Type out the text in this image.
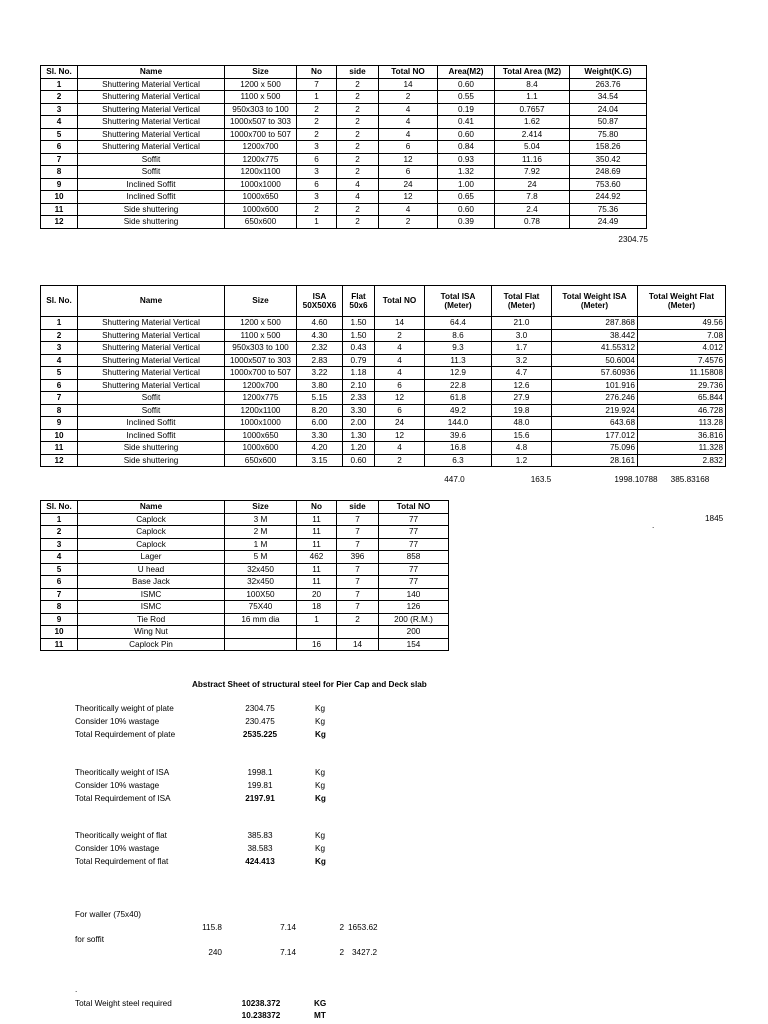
Sl. No.	Name	Size	No	side	Total NO	Area(M2)	Total Area (M2)	Weight(K.G)
1	Shuttering Material Vertical	1200 x 500	7	2	14	0.60	8.4	263.76
2	Shuttering Material Vertical	1100 x 500	1	2	2	0.55	1.1	34.54
3	Shuttering Material Vertical	950x303 to 100	2	2	4	0.19	0.7657	24.04
4	Shuttering Material Vertical	1000x507 to 303	2	2	4	0.41	1.62	50.87
5	Shuttering Material Vertical	1000x700 to 507	2	2	4	0.60	2.414	75.80
6	Shuttering Material Vertical	1200x700	3	2	6	0.84	5.04	158.26
7	Soffit	1200x775	6	2	12	0.93	11.16	350.42
8	Soffit	1200x1100	3	2	6	1.32	7.92	248.69
9	Inclined Soffit	1000x1000	6	4	24	1.00	24	753.60
10	Inclined Soffit	1000x650	3	4	12	0.65	7.8	244.92
11	Side shuttering	1000x600	2	2	4	0.60	2.4	75.36
12	Side shuttering	650x600	1	2	2	0.39	0.78	24.49
2304.75
Sl. No.	Name	Size	ISA 50X50X6	Flat 50x6	Total NO	Total ISA (Meter)	Total Flat (Meter)	Total Weight ISA (Meter)	Total Weight Flat (Meter)
1	Shuttering Material Vertical	1200 x 500	4.60	1.50	14	64.4	21.0	287.868	49.56
2	Shuttering Material Vertical	1100 x 500	4.30	1.50	2	8.6	3.0	38.442	7.08
3	Shuttering Material Vertical	950x303 to 100	2.32	0.43	4	9.3	1.7	41.55312	4.012
4	Shuttering Material Vertical	1000x507 to 303	2.83	0.79	4	11.3	3.2	50.6004	7.4576
5	Shuttering Material Vertical	1000x700 to 507	3.22	1.18	4	12.9	4.7	57.60936	11.15808
6	Shuttering Material Vertical	1200x700	3.80	2.10	6	22.8	12.6	101.916	29.736
7	Soffit	1200x775	5.15	2.33	12	61.8	27.9	276.246	65.844
8	Soffit	1200x1100	8.20	3.30	6	49.2	19.8	219.924	46.728
9	Inclined Soffit	1000x1000	6.00	2.00	24	144.0	48.0	643.68	113.28
10	Inclined Soffit	1000x650	3.30	1.30	12	39.6	15.6	177.012	36.816
11	Side shuttering	1000x600	4.20	1.20	4	16.8	4.8	75.096	11.328
12	Side shuttering	650x600	3.15	0.60	2	6.3	1.2	28.161	2.832
447.0	163.5	1998.10788	385.83168
Sl. No.	Name	Size	No	side	Total NO
1	Caplock	3 M	11	7	77
2	Caplock	2 M	11	7	77
3	Caplock	1 M	11	7	77
4	Lager	5 M	462	396	858
5	U head	32x450	11	7	77
6	Base Jack	32x450	11	7	77
7	ISMC	100X50	20	7	140
8	ISMC	75X40	18	7	126
9	Tie Rod	16 mm dia	1	2	200 (R.M.)
10	Wing Nut				200
11	Caplock Pin		16	14	154
1845
.
Abstract Sheet of structural steel for Pier Cap and Deck slab
Theoritically weight of plate	2304.75	Kg
Consider 10% wastage	230.475	Kg
Total Requirdement of plate	2535.225	Kg
Theoritically weight of ISA	1998.1	Kg
Consider 10% wastage	199.81	Kg
Total Requirdement of ISA	2197.91	Kg
Theoritically weight of flat	385.83	Kg
Consider 10% wastage	38.583	Kg
Total Requirdement of flat	424.413	Kg
For waller (75x40)
115.8	7.14	2 1653.62
for soffit
240	7.14	2 3427.2
.
Total Weight steel required	10238.372	KG
10.238372	MT
